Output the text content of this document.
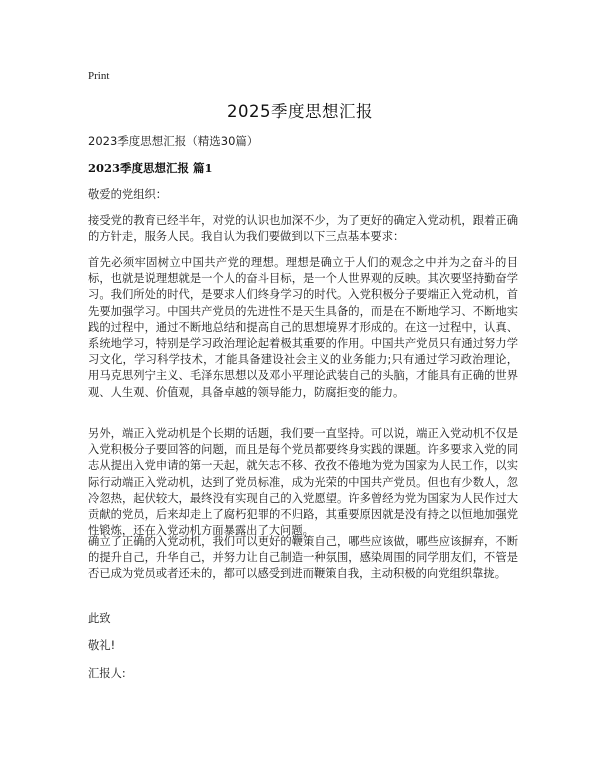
Print
2025季度思想汇报

2023季度思想汇报（精选30篇）

2023季度思想汇报 篇1

敬爱的党组织：

接受党的教育已经半年，对党的认识也加深不少，为了更好的确定入党动机，跟着正确的方针走，服务人民。我自认为我们要做到以下三点基本要求：

首先必须牢固树立中国共产党的理想。理想是确立于人们的观念之中并为之奋斗的目标，也就是说理想就是一个人的奋斗目标，是一个人世界观的反映。其次要坚持勤奋学习。我们所处的时代，是要求人们终身学习的时代。入党积极分子要端正入党动机，首先要加强学习。中国共产党员的先进性不是天生具备的，而是在不断地学习、不断地实践的过程中，通过不断地总结和提高自己的思想境界才形成的。在这一过程中，认真、系统地学习，特别是学习政治理论起着极其重要的作用。中国共产党员只有通过努力学习文化，学习科学技术，才能具备建设社会主义的业务能力;只有通过学习政治理论，用马克思列宁主义、毛泽东思想以及邓小平理论武装自己的头脑，才能具有正确的世界观、人生观、价值观，具备卓越的领导能力，防腐拒变的能力。

另外，端正入党动机是个长期的话题，我们要一直坚持。可以说，端正入党动机不仅是入党积极分子要回答的问题，而且是每个党员都要终身实践的课题。许多要求入党的同志从提出入党申请的第一天起，就矢志不移、孜孜不倦地为党为国家为人民工作，以实际行动端正入党动机，达到了党员标准，成为光荣的中国共产党员。但也有少数人，忽冷忽热，起伏较大，最终没有实现自己的入党愿望。许多曾经为党为国家为人民作过大贡献的党员，后来却走上了腐朽犯罪的不归路，其重要原因就是没有持之以恒地加强党性锻炼，还在入党动机方面暴露出了大问题。

确立了正确的入党动机，我们可以更好的鞭策自己，哪些应该做，哪些应该摒弃，不断的提升自己，升华自己，并努力让自己制造一种氛围，感染周围的同学朋友们，不管是否已成为党员或者还未的，都可以感受到进而鞭策自我，主动积极的向党组织靠拢。

此致

敬礼!

汇报人:
